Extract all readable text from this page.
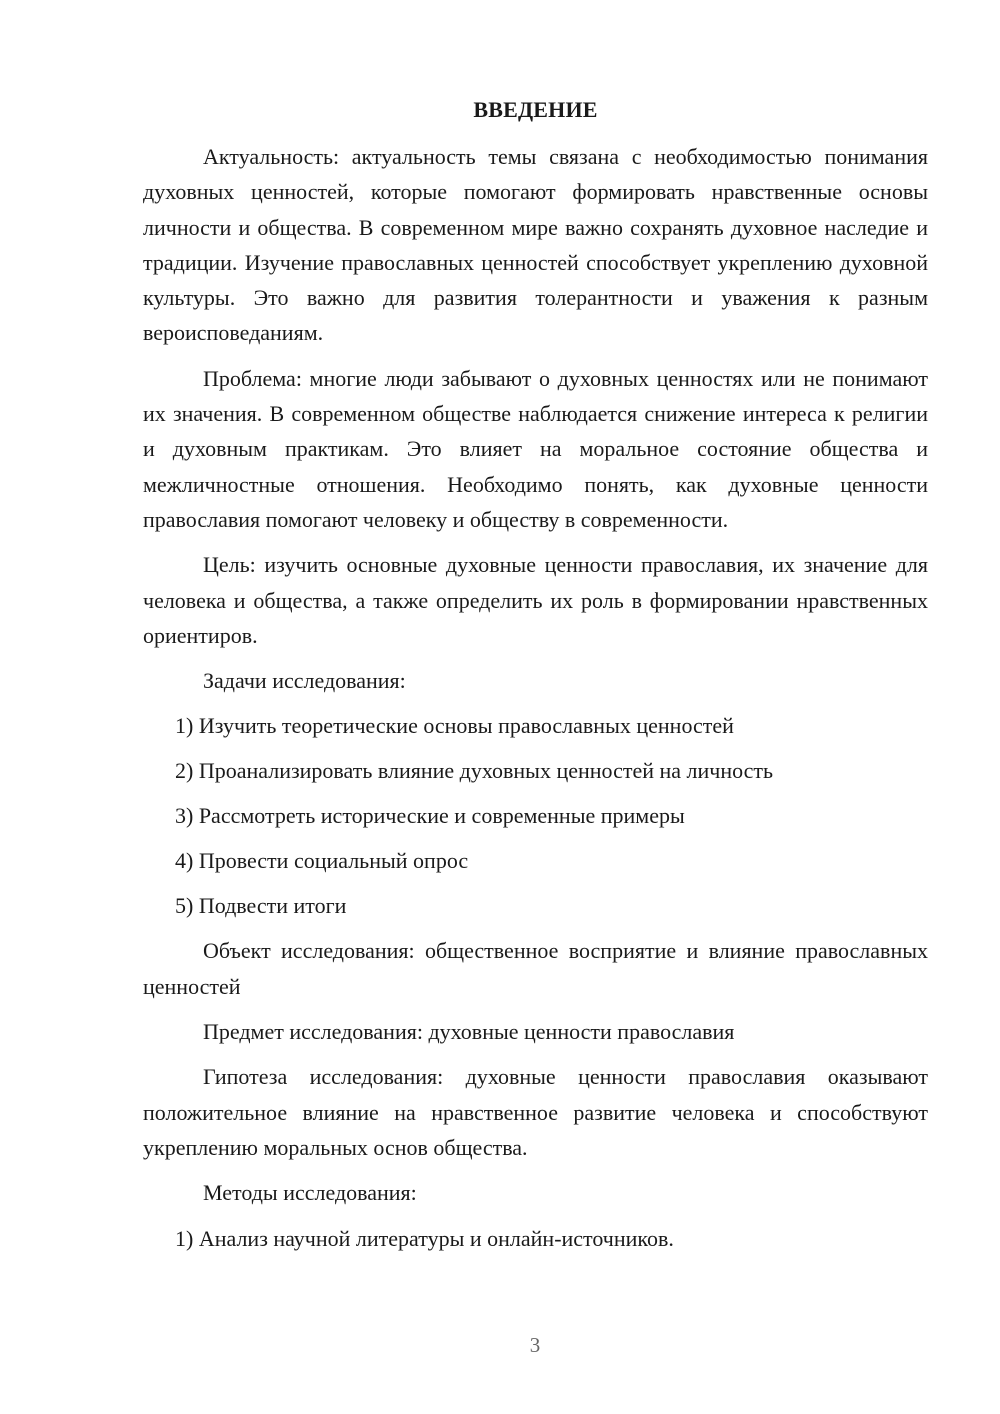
ВВЕДЕНИЕ

Актуальность: актуальность темы связана с необходимостью понимания духовных ценностей, которые помогают формировать нравственные основы личности и общества. В современном мире важно сохранять духовное наследие и традиции. Изучение православных ценностей способствует укреплению духовной культуры. Это важно для развития толерантности и уважения к разным вероисповеданиям.

Проблема: многие люди забывают о духовных ценностях или не понимают их значения. В современном обществе наблюдается снижение интереса к религии и духовным практикам. Это влияет на моральное состояние общества и межличностные отношения. Необходимо понять, как духовные ценности православия помогают человеку и обществу в современности.

Цель: изучить основные духовные ценности православия, их значение для человека и общества, а также определить их роль в формировании нравственных ориентиров.

Задачи исследования:

1) Изучить теоретические основы православных ценностей
2) Проанализировать влияние духовных ценностей на личность
3) Рассмотреть исторические и современные примеры
4) Провести социальный опрос
5) Подвести итоги

Объект исследования: общественное восприятие и влияние православных ценностей

Предмет исследования: духовные ценности православия

Гипотеза исследования: духовные ценности православия оказывают положительное влияние на нравственное развитие человека и способствуют укреплению моральных основ общества.

Методы исследования:

1) Анализ научной литературы и онлайн-источников.
3
